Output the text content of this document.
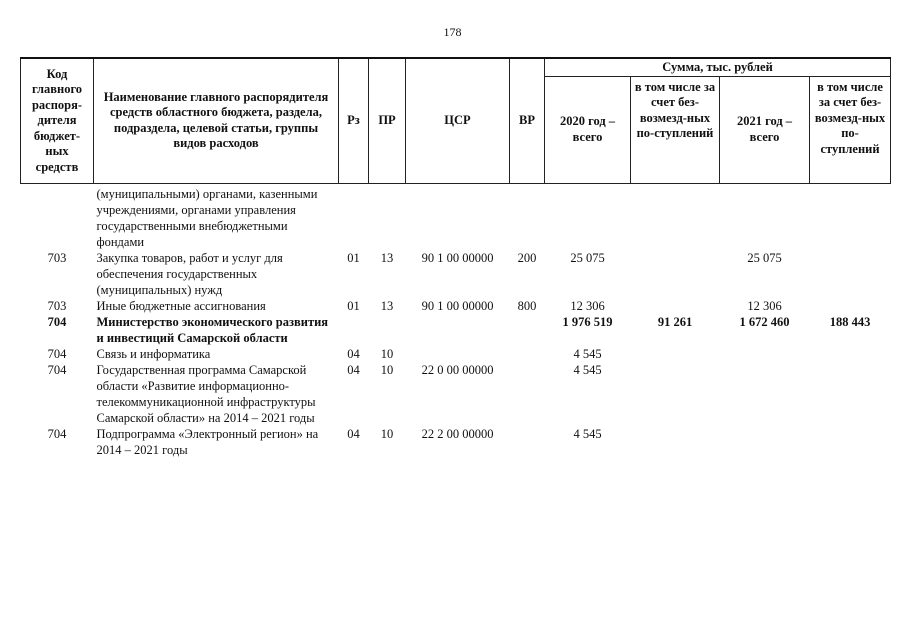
178
Код главного распоря-дителя бюджет-ных средств	Наименование главного распорядителя средств областного бюджета, раздела, подраздела, целевой статьи, группы видов расходов	Рз	ПР	ЦСР	ВР	Сумма, тыс. рублей			
						2020 год – всего	в том числе за счет без-возмезд-ных по-ступлений	2021 год – всего	в том числе за счет без-возмезд-ных по-ступлений
	(муниципальными) органами, казенными учреждениями, органами управления государственными внебюджетными фондами								
703	Закупка товаров, работ и услуг для обеспечения государственных (муниципальных) нужд	01	13	90 1 00 00000	200	25 075		25 075	
703	Иные бюджетные ассигнования	01	13	90 1 00 00000	800	12 306		12 306	
704	Министерство экономического развития и инвестиций Самарской области					1 976 519	91 261	1 672 460	188 443
704	Связь и информатика	04	10			4 545			
704	Государственная программа Самарской области «Развитие информационно-телекоммуникационной инфраструктуры Самарской области» на 2014 – 2021 годы	04	10	22 0 00 00000		4 545			
704	Подпрограмма «Электронный регион» на 2014 – 2021 годы	04	10	22 2 00 00000		4 545			
